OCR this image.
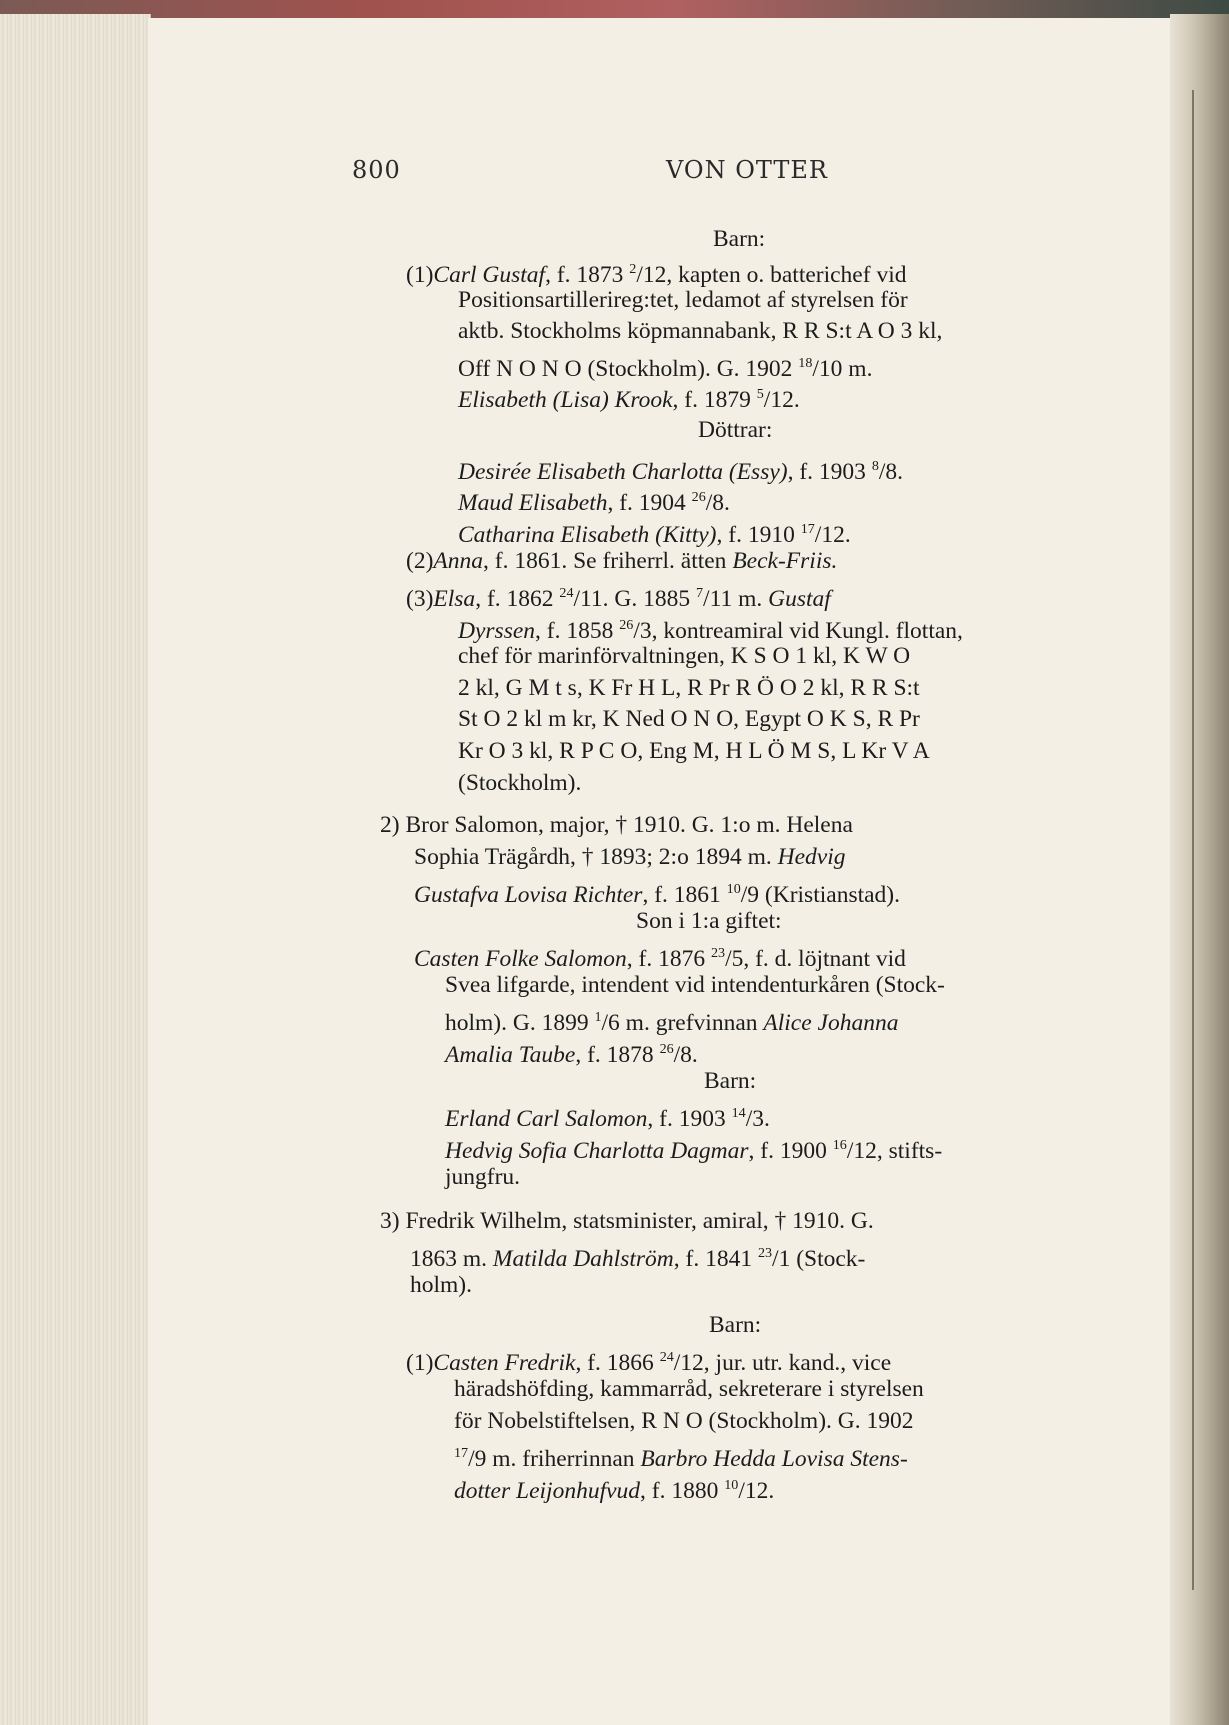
800	VON OTTER
Barn:
(1)Carl Gustaf, f. 1873 $^2$/12, kapten o. batterichef vid
Positionsartillerireg:tet, ledamot af styrelsen för
aktb. Stockholms köpmannabank, R R S:t A O 3 kl,
Off N O N O (Stockholm). G. 1902 $^{18}$/10 m.
Elisabeth (Lisa) Krook, f. 1879 $^5$/12.
Döttrar:
Desirée Elisabeth Charlotta (Essy), f. 1903 $^8$/8.
Maud Elisabeth, f. 1904 $^{26}$/8.
Catharina Elisabeth (Kitty), f. 1910 $^{17}$/12.
(2)Anna, f. 1861. Se friherrl. ätten Beck-Friis.
(3)Elsa, f. 1862 $^{24}$/11. G. 1885 $^7$/11 m. Gustaf
Dyrssen, f. 1858 $^{26}$/3, kontreamiral vid Kungl. flottan,
chef för marinförvaltningen, K S O 1 kl, K W O
2 kl, G M t s, K Fr H L, R Pr R Ö O 2 kl, R R S:t
St O 2 kl m kr, K Ned O N O, Egypt O K S, R Pr
Kr O 3 kl, R P C O, Eng M, H L Ö M S, L Kr V A
(Stockholm).
2) Bror Salomon, major, † 1910. G. 1:o m. Helena
Sophia Trägårdh, † 1893; 2:o 1894 m. Hedvig
Gustafva Lovisa Richter, f. 1861 $^{10}$/9 (Kristianstad).
Son i 1:a giftet:
Casten Folke Salomon, f. 1876 $^{23}$/5, f. d. löjtnant vid
Svea lifgarde, intendent vid intendenturkåren (Stock-
holm). G. 1899 $^1$/6 m. grefvinnan Alice Johanna
Amalia Taube, f. 1878 $^{26}$/8.
Barn:
Erland Carl Salomon, f. 1903 $^{14}$/3.
Hedvig Sofia Charlotta Dagmar, f. 1900 $^{16}$/12, stifts-
jungfru.
3) Fredrik Wilhelm, statsminister, amiral, † 1910. G.
1863 m. Matilda Dahlström, f. 1841 $^{23}$/1 (Stock-
holm).
Barn:
(1)Casten Fredrik, f. 1866 $^{24}$/12, jur. utr. kand., vice
häradshöfding, kammarråd, sekreterare i styrelsen
för Nobelstiftelsen, R N O (Stockholm). G. 1902
$^{17}$/9 m. friherrinnan Barbro Hedda Lovisa Stens-
dotter Leijonhufvud, f. 1880 $^{10}$/12.
